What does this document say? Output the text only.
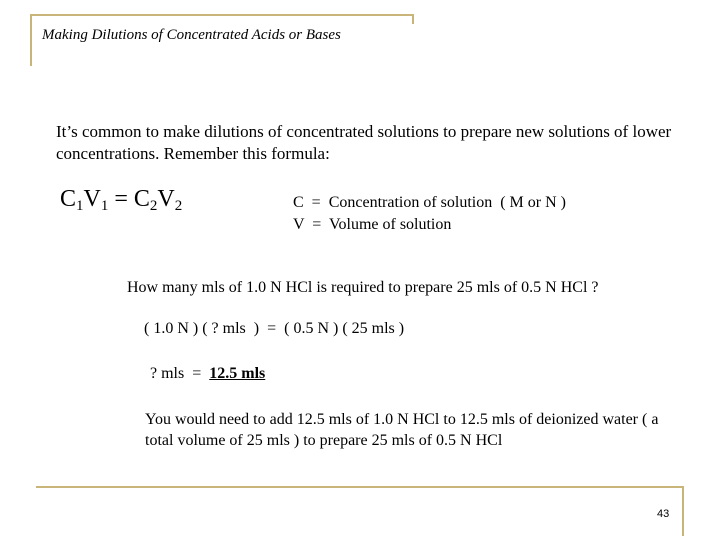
Making Dilutions of Concentrated Acids or Bases
It’s common to make dilutions of concentrated solutions to prepare new solutions of lower concentrations. Remember this formula:
$C_1V_1 = C_2V_2$	C  =  Concentration of solution  ( M or N )
V  =  Volume of solution
How many mls of 1.0 N HCl is required to prepare 25 mls of 0.5 N HCl ?
( 1.0 N ) ( ? mls  )  =  ( 0.5 N ) ( 25 mls )
? mls  =  12.5 mls
You would need to add 12.5 mls of 1.0 N HCl to 12.5 mls of deionized water ( a total volume of 25 mls ) to prepare 25 mls of 0.5 N HCl
43
